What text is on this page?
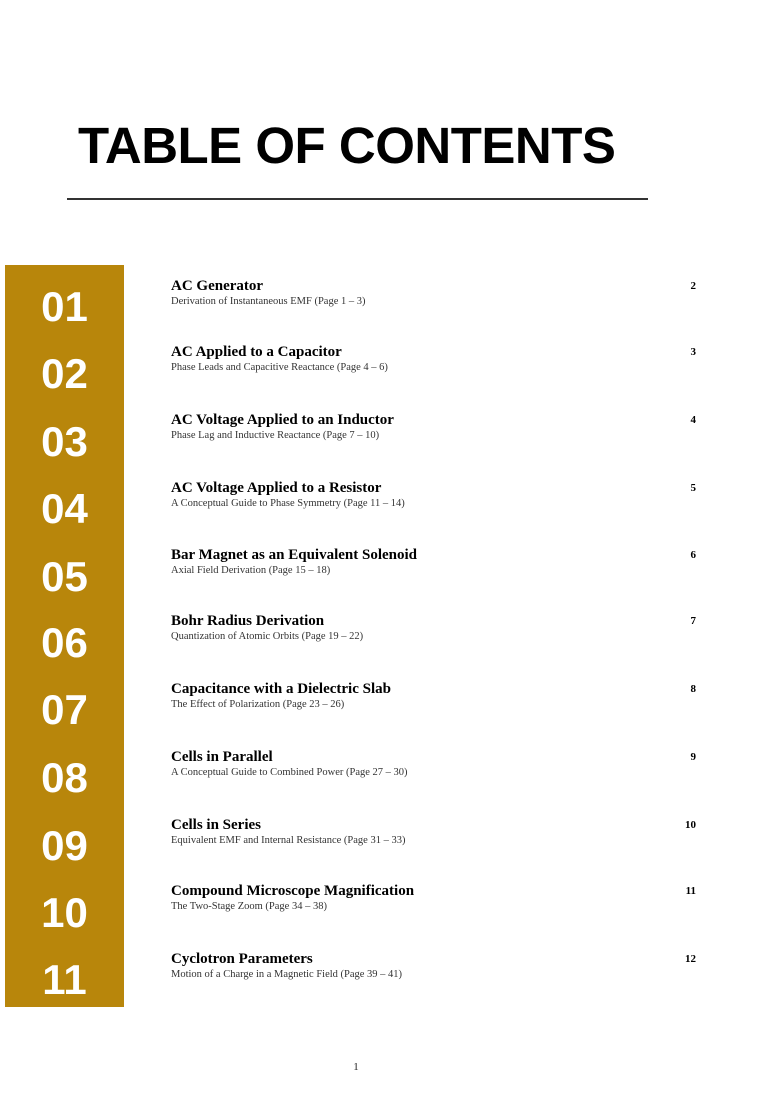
TABLE OF CONTENTS
01
02
03
04
05
06
07
08
09
10
11
AC Generator
Derivation of Instantaneous EMF (Page 1 – 3)
2
AC Applied to a Capacitor
Phase Leads and Capacitive Reactance (Page 4 – 6)
3
AC Voltage Applied to an Inductor
Phase Lag and Inductive Reactance (Page 7 – 10)
4
AC Voltage Applied to a Resistor
A Conceptual Guide to Phase Symmetry (Page 11 – 14)
5
Bar Magnet as an Equivalent Solenoid
Axial Field Derivation (Page 15 – 18)
6
Bohr Radius Derivation
Quantization of Atomic Orbits (Page 19 – 22)
7
Capacitance with a Dielectric Slab
The Effect of Polarization (Page 23 – 26)
8
Cells in Parallel
A Conceptual Guide to Combined Power (Page 27 – 30)
9
Cells in Series
Equivalent EMF and Internal Resistance (Page 31 – 33)
10
Compound Microscope Magnification
The Two-Stage Zoom (Page 34 – 38)
11
Cyclotron Parameters
Motion of a Charge in a Magnetic Field (Page 39 – 41)
12
1
